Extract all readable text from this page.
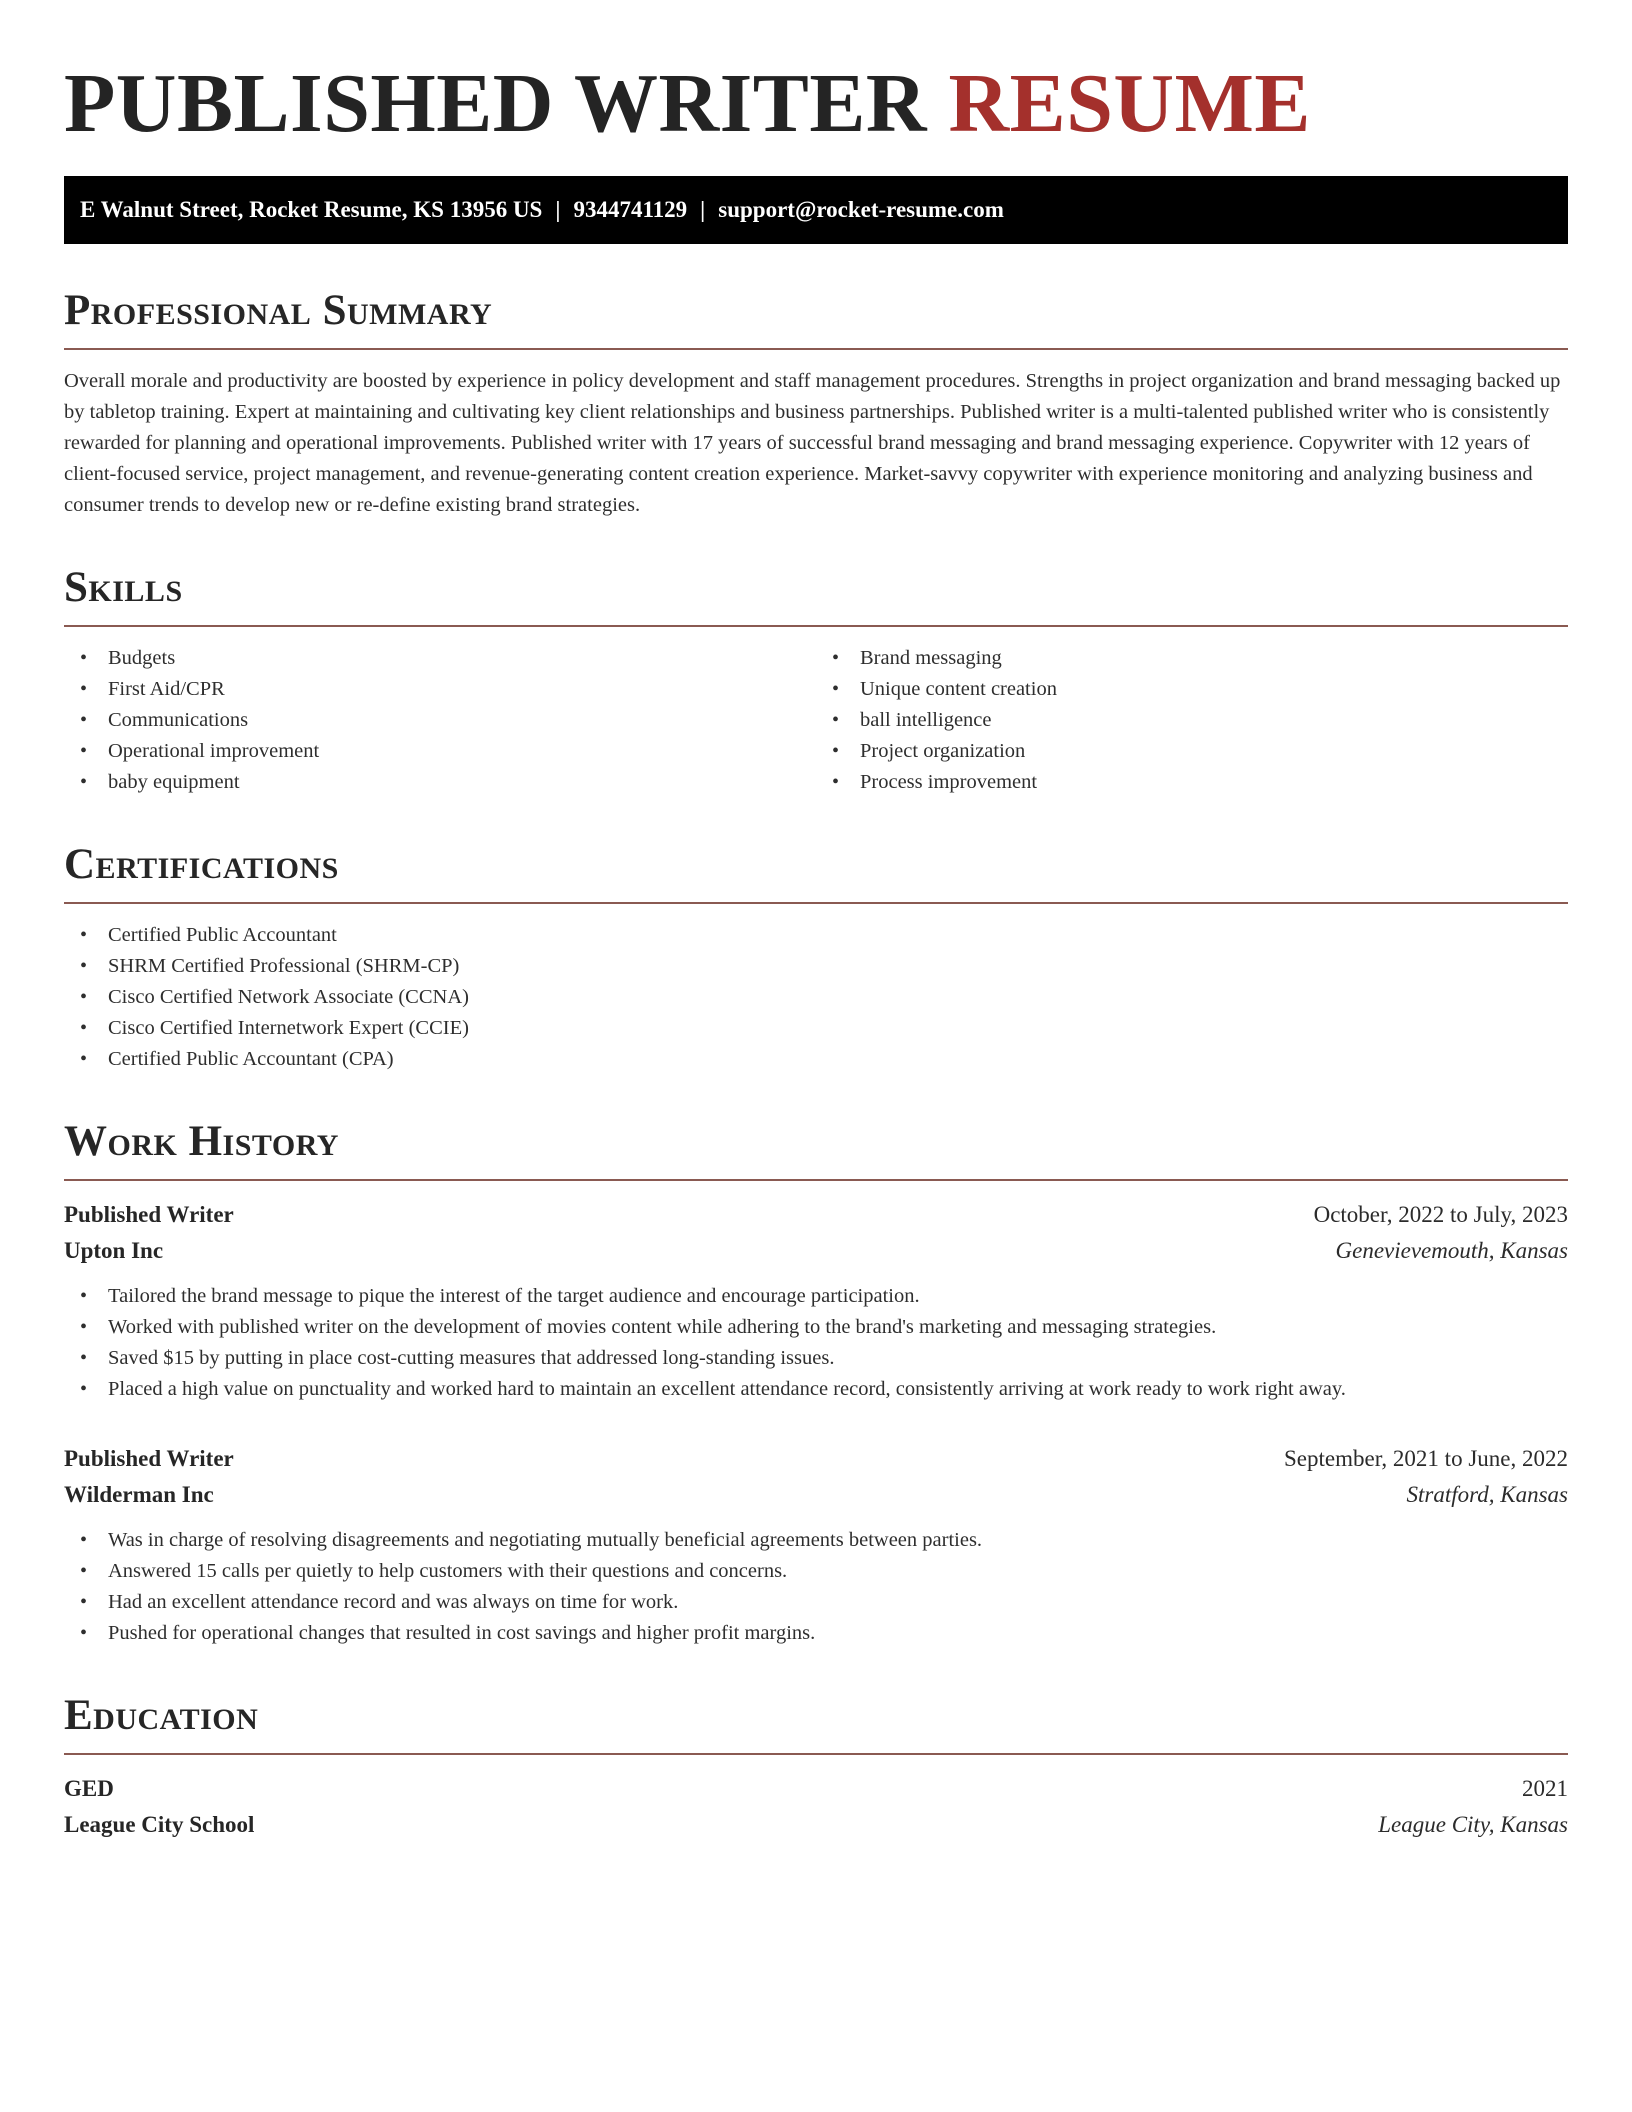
PUBLISHED WRITER RESUME
E Walnut Street, Rocket Resume, KS 13956 US | 9344741129 | support@rocket-resume.com
Professional Summary

Overall morale and productivity are boosted by experience in policy development and staff management procedures. Strengths in project organization and brand messaging backed up by tabletop training. Expert at maintaining and cultivating key client relationships and business partnerships. Published writer is a multi-talented published writer who is consistently rewarded for planning and operational improvements. Published writer with 17 years of successful brand messaging and brand messaging experience. Copywriter with 12 years of client-focused service, project management, and revenue-generating content creation experience. Market-savvy copywriter with experience monitoring and analyzing business and consumer trends to develop new or re-define existing brand strategies.

Skills
• Budgets
• First Aid/CPR
• Communications
• Operational improvement
• baby equipment
• Brand messaging
• Unique content creation
• ball intelligence
• Project organization
• Process improvement
Certifications
• Certified Public Accountant
• SHRM Certified Professional (SHRM-CP)
• Cisco Certified Network Associate (CCNA)
• Cisco Certified Internetwork Expert (CCIE)
• Certified Public Accountant (CPA)
Work History
Published Writer	October, 2022 to July, 2023
Upton Inc	Genevievemouth, Kansas
• Tailored the brand message to pique the interest of the target audience and encourage participation.
• Worked with published writer on the development of movies content while adhering to the brand's marketing and messaging strategies.
• Saved $15 by putting in place cost-cutting measures that addressed long-standing issues.
• Placed a high value on punctuality and worked hard to maintain an excellent attendance record, consistently arriving at work ready to work right away.
Published Writer	September, 2021 to June, 2022
Wilderman Inc	Stratford, Kansas
• Was in charge of resolving disagreements and negotiating mutually beneficial agreements between parties.
• Answered 15 calls per quietly to help customers with their questions and concerns.
• Had an excellent attendance record and was always on time for work.
• Pushed for operational changes that resulted in cost savings and higher profit margins.
Education
GED	2021
League City School	League City, Kansas
